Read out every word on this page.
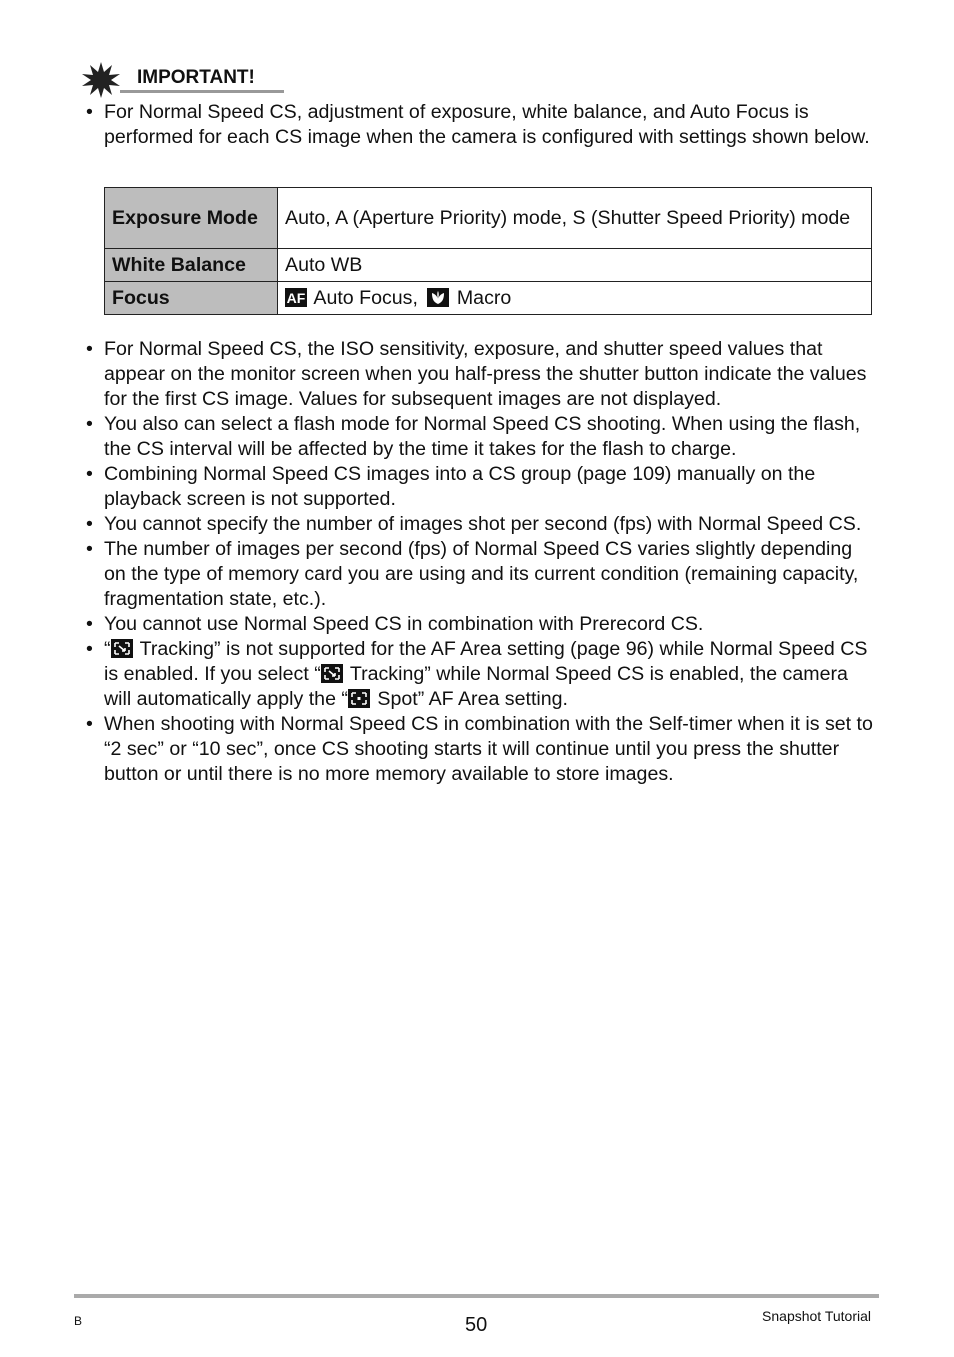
IMPORTANT!
• For Normal Speed CS, adjustment of exposure, white balance, and Auto Focus is performed for each CS image when the camera is configured with settings shown below.
Exposure Mode	Auto, A (Aperture Priority) mode, S (Shutter Speed Priority) mode
White Balance	Auto WB
Focus	AF Auto Focus, Macro
• For Normal Speed CS, the ISO sensitivity, exposure, and shutter speed values that appear on the monitor screen when you half-press the shutter button indicate the values for the first CS image. Values for subsequent images are not displayed.
• You also can select a flash mode for Normal Speed CS shooting. When using the flash, the CS interval will be affected by the time it takes for the flash to charge.
• Combining Normal Speed CS images into a CS group (page 109) manually on the playback screen is not supported.
• You cannot specify the number of images shot per second (fps) with Normal Speed CS.
• The number of images per second (fps) of Normal Speed CS varies slightly depending on the type of memory card you are using and its current condition (remaining capacity, fragmentation state, etc.).
• You cannot use Normal Speed CS in combination with Prerecord CS.
• “
Tracking” is not supported for the AF Area setting (page 96) while Normal Speed CS is enabled. If you select “
Tracking” while Normal Speed CS is enabled, the camera will automatically apply the “
Spot” AF Area setting.
• When shooting with Normal Speed CS in combination with the Self-timer when it is set to “2 sec” or “10 sec”, once CS shooting starts it will continue until you press the shutter button or until there is no more memory available to store images.
B	50	Snapshot Tutorial
